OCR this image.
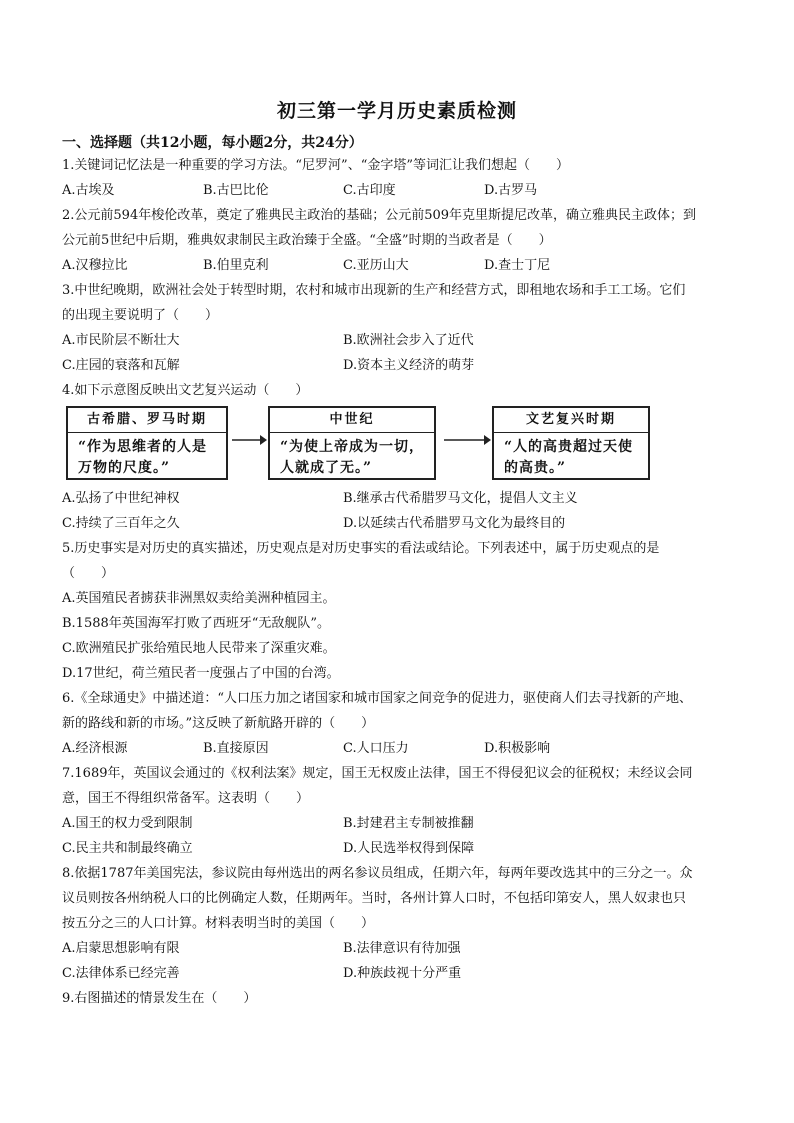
初三第一学月历史素质检测
一、选择题（共12小题，每小题2分，共24分）
1.关键词记忆法是一种重要的学习方法。“尼罗河”、“金字塔”等词汇让我们想起（　　）
A.古埃及	B.古巴比伦	C.古印度	D.古罗马
2.公元前594年梭伦改革，奠定了雅典民主政治的基础；公元前509年克里斯提尼改革，确立雅典民主政体；到
公元前5世纪中后期，雅典奴隶制民主政治臻于全盛。“全盛”时期的当政者是（　　）
A.汉穆拉比	B.伯里克利	C.亚历山大	D.查士丁尼
3.中世纪晚期，欧洲社会处于转型时期，农村和城市出现新的生产和经营方式，即租地农场和手工工场。它们
的出现主要说明了（　　）
A.市民阶层不断壮大	B.欧洲社会步入了近代
C.庄园的衰落和瓦解	D.资本主义经济的萌芽
4.如下示意图反映出文艺复兴运动（　　）
古希腊、罗马时期
“作为思维者的人是万物的尺度。”
中世纪
“为使上帝成为一切，人就成了无。”
文艺复兴时期
“人的高贵超过天使的高贵。”
A.弘扬了中世纪神权	B.继承古代希腊罗马文化，提倡人文主义
C.持续了三百年之久	D.以延续古代希腊罗马文化为最终目的
5.历史事实是对历史的真实描述，历史观点是对历史事实的看法或结论。下列表述中，属于历史观点的是
（　　）
A.英国殖民者掳获非洲黑奴卖给美洲种植园主。
B.1588年英国海军打败了西班牙“无敌舰队”。
C.欧洲殖民扩张给殖民地人民带来了深重灾难。
D.17世纪，荷兰殖民者一度强占了中国的台湾。
6.《全球通史》中描述道：“人口压力加之诸国家和城市国家之间竞争的促进力，驱使商人们去寻找新的产地、
新的路线和新的市场。”这反映了新航路开辟的（　　）
A.经济根源	B.直接原因	C.人口压力	D.积极影响
7.1689年，英国议会通过的《权利法案》规定，国王无权废止法律，国王不得侵犯议会的征税权；未经议会同
意，国王不得组织常备军。这表明（　　）
A.国王的权力受到限制	B.封建君主专制被推翻
C.民主共和制最终确立	D.人民选举权得到保障
8.依据1787年美国宪法，参议院由每州选出的两名参议员组成，任期六年，每两年要改选其中的三分之一。众
议员则按各州纳税人口的比例确定人数，任期两年。当时，各州计算人口时，不包括印第安人，黑人奴隶也只
按五分之三的人口计算。材料表明当时的美国（　　）
A.启蒙思想影响有限	B.法律意识有待加强
C.法律体系已经完善	D.种族歧视十分严重
9.右图描述的情景发生在（　　）
